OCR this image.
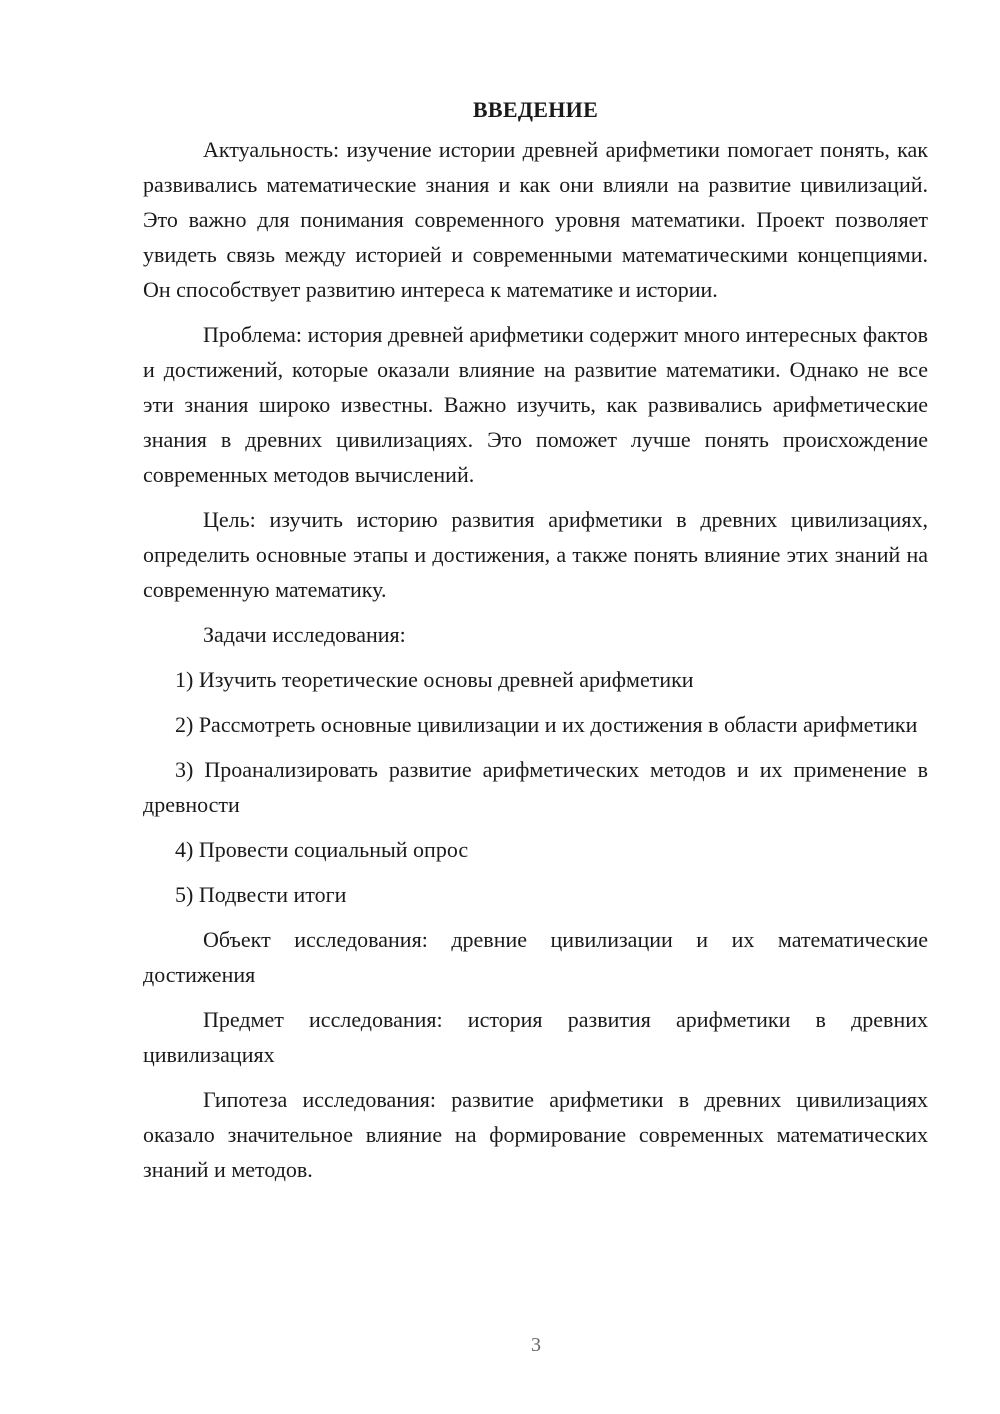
ВВЕДЕНИЕ

Актуальность: изучение истории древней арифметики помогает понять, как развивались математические знания и как они влияли на развитие цивилизаций. Это важно для понимания современного уровня математики. Проект позволяет увидеть связь между историей и современными математическими концепциями. Он способствует развитию интереса к математике и истории.

Проблема: история древней арифметики содержит много интересных фактов и достижений, которые оказали влияние на развитие математики. Однако не все эти знания широко известны. Важно изучить, как развивались арифметические знания в древних цивилизациях. Это поможет лучше понять происхождение современных методов вычислений.

Цель: изучить историю развития арифметики в древних цивилизациях, определить основные этапы и достижения, а также понять влияние этих знаний на современную математику.

Задачи исследования:

1) Изучить теоретические основы древней арифметики

2) Рассмотреть основные цивилизации и их достижения в области арифметики

3) Проанализировать развитие арифметических методов и их применение в древности

4) Провести социальный опрос

5) Подвести итоги

Объект исследования: древние цивилизации и их математические достижения

Предмет исследования: история развития арифметики в древних цивилизациях

Гипотеза исследования: развитие арифметики в древних цивилизациях оказало значительное влияние на формирование современных математических знаний и методов.

3
